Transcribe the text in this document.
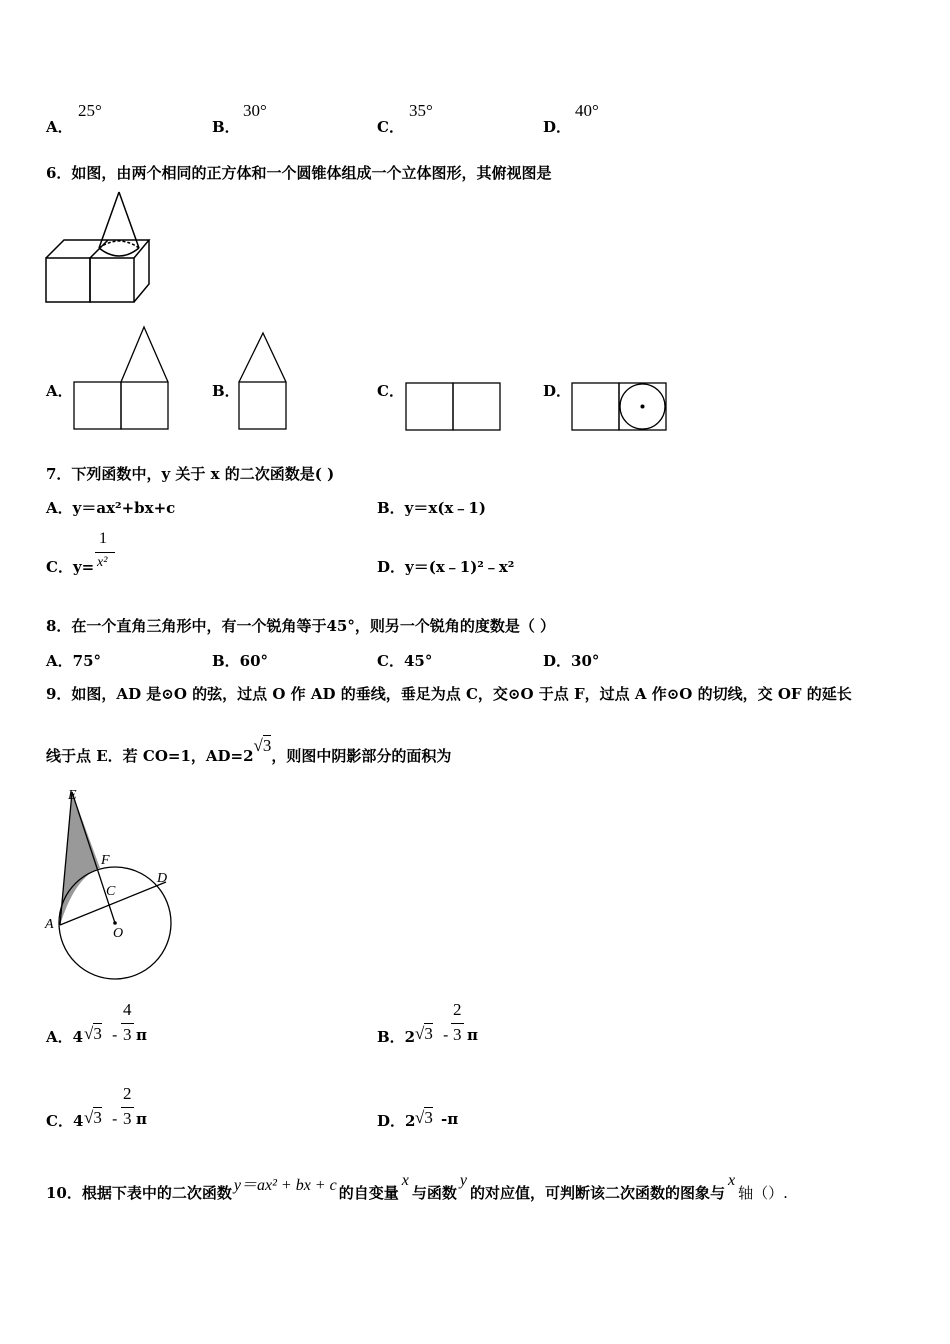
A．
25°
B．
30°
C．
35°
D．
40°
6．如图，由两个相同的正方体和一个圆锥体组成一个立体图形，其俯视图是
A．	B．	C．	D．
7．下列函数中，y 关于 x 的二次函数是( )
A．y＝ax²+bx+c	B．y＝x(x﹣1)
C．y=
1
x²	D．y＝(x﹣1)²﹣x²
8．在一个直角三角形中，有一个锐角等于45°，则另一个锐角的度数是（ ）
A．75°	B．60°	C．45°	D．30°
9．如图，AD 是⊙O 的弦，过点 O 作 AD 的垂线，垂足为点 C，交⊙O 于点 F，过点 A 作⊙O 的切线，交 OF 的延长
线于点 E．若 CO=1，AD=2√3，则图中阴影部分的面积为
E
F
C
D
A
O
A．4 √3 -
4
3 π	B．2 √3 -
2
3 π
C．4 √3 -
2
3 π	D．2 √3 -π
10．根据下表中的二次函数 y＝ax² + bx + c 的自变量
x
与函数
y
的对应值，可判断该二次函数的图象与
x
轴（）.
